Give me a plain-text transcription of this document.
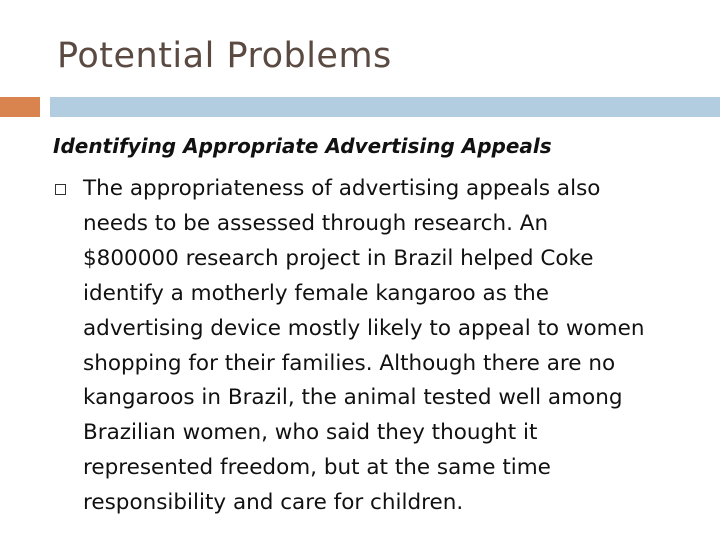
Potential Problems
Identifying Appropriate Advertising Appeals
The appropriateness of advertising appeals also
needs to be assessed through research. An
$800000 research project in Brazil helped Coke
identify a motherly female kangaroo as the
advertising device mostly likely to appeal to women
shopping for their families. Although there are no
kangaroos in Brazil, the animal tested well among
Brazilian women, who said they thought it
represented freedom, but at the same time
responsibility and care for children.
